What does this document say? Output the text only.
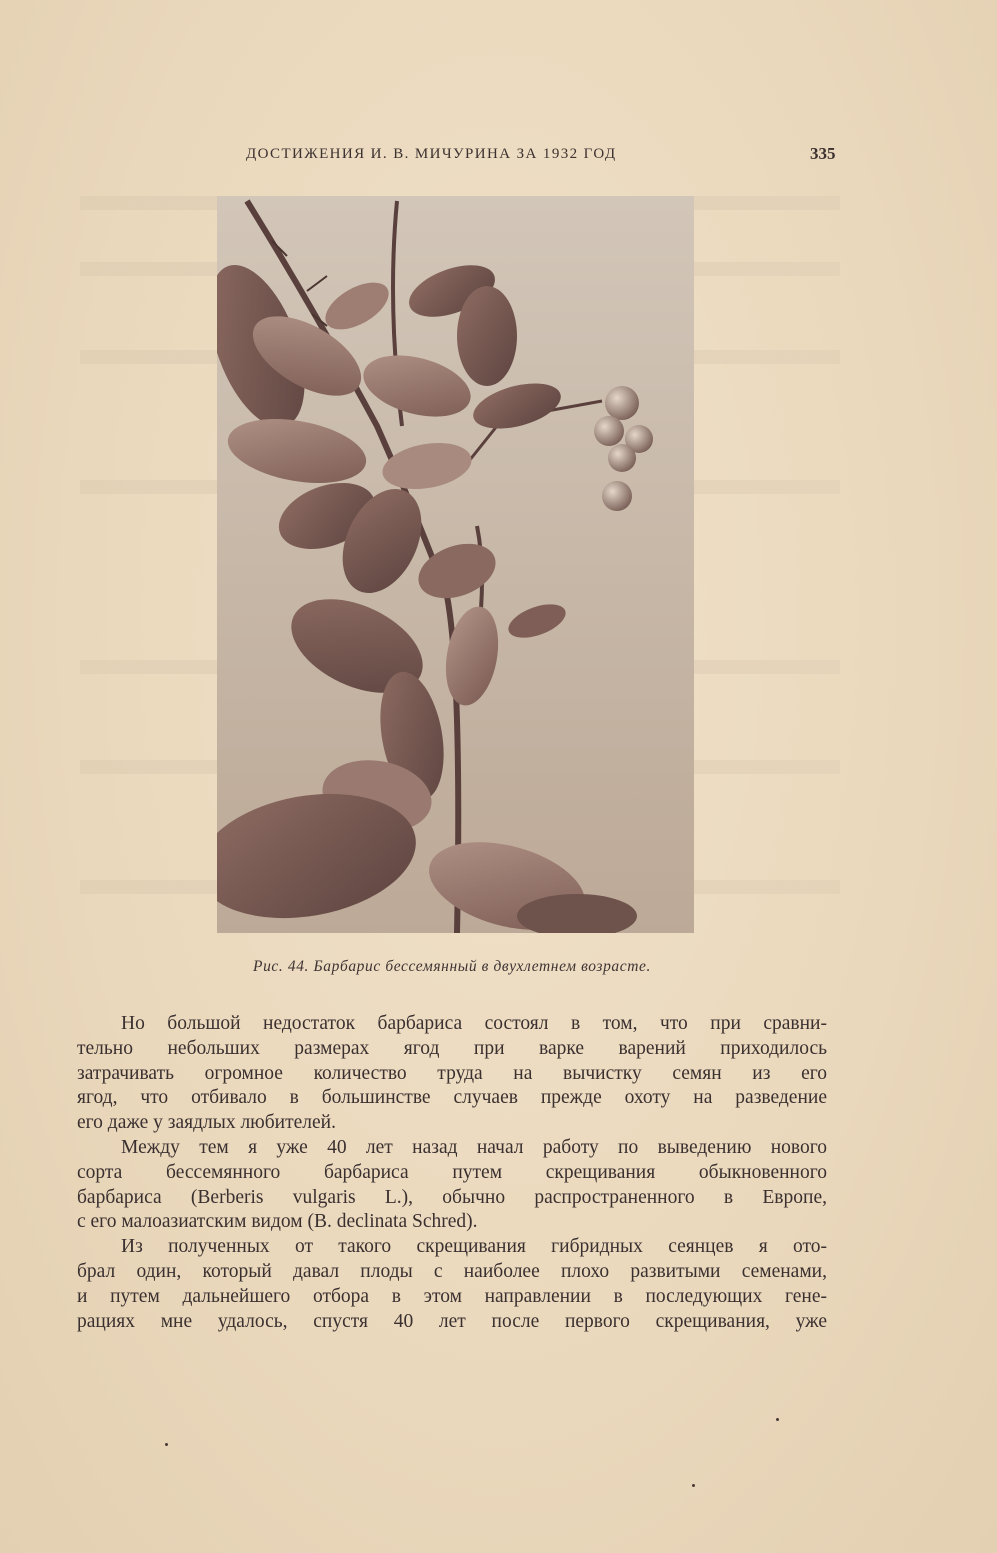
ДОСТИЖЕНИЯ И. В. МИЧУРИНА ЗА 1932 ГОД	335
Рис. 44. Барбарис бессемянный в двухлетнем возрасте.
Но большой недостаток барбариса состоял в том, что при сравни-
тельно небольших размерах ягод при варке варений приходилось
затрачивать огромное количество труда на вычистку семян из его
ягод, что отбивало в большинстве случаев прежде охоту на разведение
его даже у заядлых любителей.
Между тем я уже 40 лет назад начал работу по выведению нового
сорта бессемянного барбариса путем скрещивания обыкновенного
барбариса (Berberis vulgaris L.), обычно распространенного в Европе,
с его малоазиатским видом (B. declinata Schred).
Из полученных от такого скрещивания гибридных сеянцев я ото-
брал один, который давал плоды с наиболее плохо развитыми семенами,
и путем дальнейшего отбора в этом направлении в последующих гене-
рациях мне удалось, спустя 40 лет после первого скрещивания, уже
